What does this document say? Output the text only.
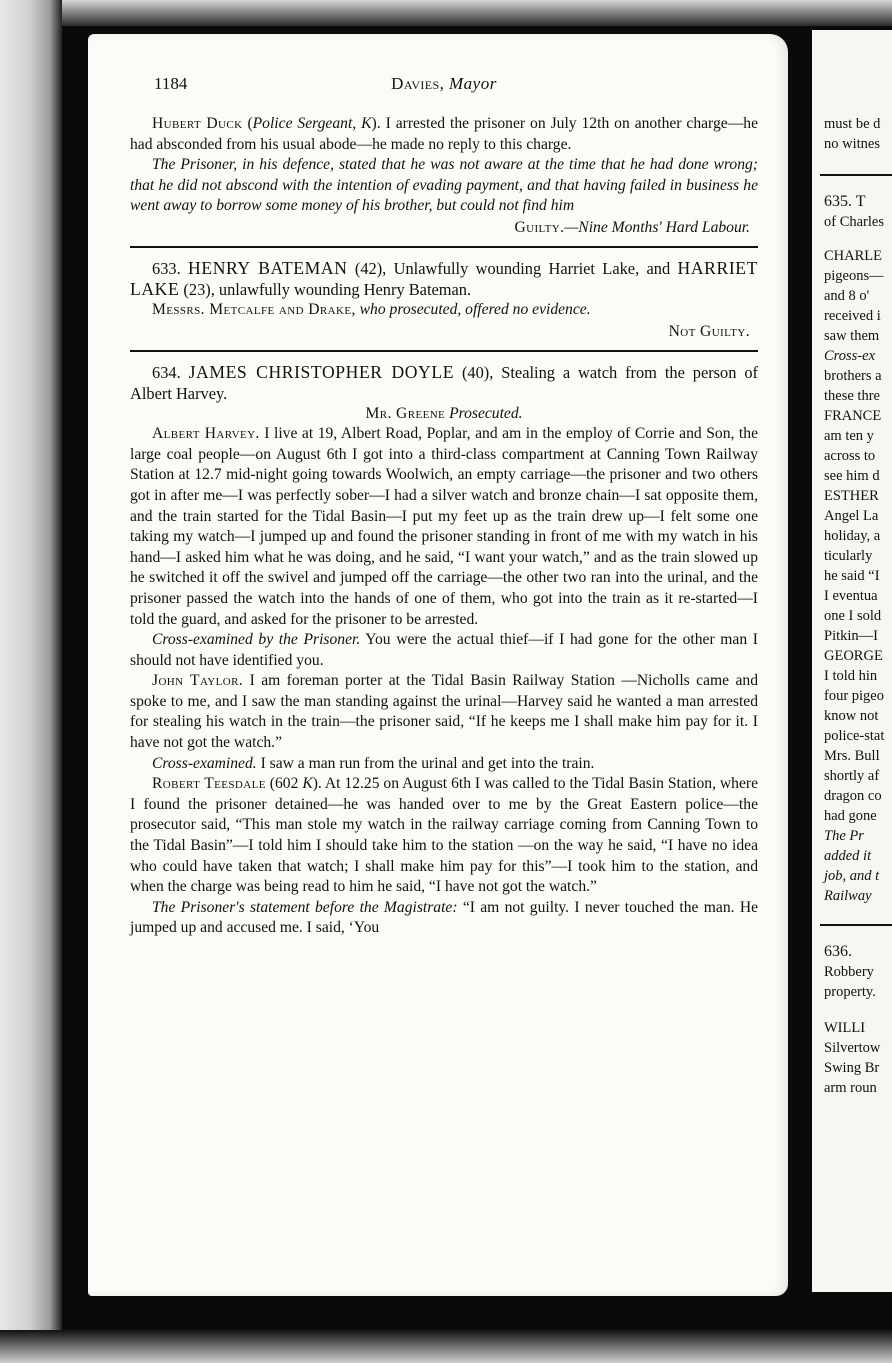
1184	Davies, Mayor

Hubert Duck (Police Sergeant, K). I arrested the prisoner on July 12th on another charge—he had absconded from his usual abode—he made no reply to this charge.

The Prisoner, in his defence, stated that he was not aware at the time that he had done wrong; that he did not abscond with the intention of evading payment, and that having failed in business he went away to borrow some money of his brother, but could not find him

Guilty.—Nine Months' Hard Labour.
633. HENRY BATEMAN (42), Unlawfully wounding Harriet Lake, and HARRIET LAKE (23), unlawfully wounding Henry Bateman.

Messrs. Metcalfe and Drake, who prosecuted, offered no evidence.

Not Guilty.
634. JAMES CHRISTOPHER DOYLE (40), Stealing a watch from the person of Albert Harvey.
Mr. Greene Prosecuted.

Albert Harvey. I live at 19, Albert Road, Poplar, and am in the employ of Corrie and Son, the large coal people—on August 6th I got into a third-class compartment at Canning Town Railway Station at 12.7 mid-night going towards Woolwich, an empty carriage—the prisoner and two others got in after me—I was perfectly sober—I had a silver watch and bronze chain—I sat opposite them, and the train started for the Tidal Basin—I put my feet up as the train drew up—I felt some one taking my watch—I jumped up and found the prisoner standing in front of me with my watch in his hand—I asked him what he was doing, and he said, “I want your watch,” and as the train slowed up he switched it off the swivel and jumped off the carriage—the other two ran into the urinal, and the prisoner passed the watch into the hands of one of them, who got into the train as it re-started—I told the guard, and asked for the prisoner to be arrested.

Cross-examined by the Prisoner. You were the actual thief—if I had gone for the other man I should not have identified you.

John Taylor. I am foreman porter at the Tidal Basin Railway Station —Nicholls came and spoke to me, and I saw the man standing against the urinal—Harvey said he wanted a man arrested for stealing his watch in the train—the prisoner said, “If he keeps me I shall make him pay for it. I have not got the watch.”

Cross-examined. I saw a man run from the urinal and get into the train.

Robert Teesdale (602 K). At 12.25 on August 6th I was called to the Tidal Basin Station, where I found the prisoner detained—he was handed over to me by the Great Eastern police—the prosecutor said, “This man stole my watch in the railway carriage coming from Canning Town to the Tidal Basin”—I told him I should take him to the station —on the way he said, “I have no idea who could have taken that watch; I shall make him pay for this”—I took him to the station, and when the charge was being read to him he said, “I have not got the watch.”

The Prisoner's statement before the Magistrate: “I am not guilty. I never touched the man. He jumped up and accused me. I said, ‘You

must be d
no witnes
635. T
of Charles
CHARLE
pigeons—
and 8 o'
received i
saw them
Cross-ex
brothers a
these thre
FRANCE
am ten y
across to
see him d
ESTHER
Angel La
holiday, a
ticularly
he said “I
I eventua
one I sold
Pitkin—I
GEORGE
I told hin
four pigeo
know not
police-stat
Mrs. Bull
shortly af
dragon co
had gone
The Pr
added it
job, and t
Railway
636.
Robbery
property.
WILLI
Silvertow
Swing Br
arm roun
